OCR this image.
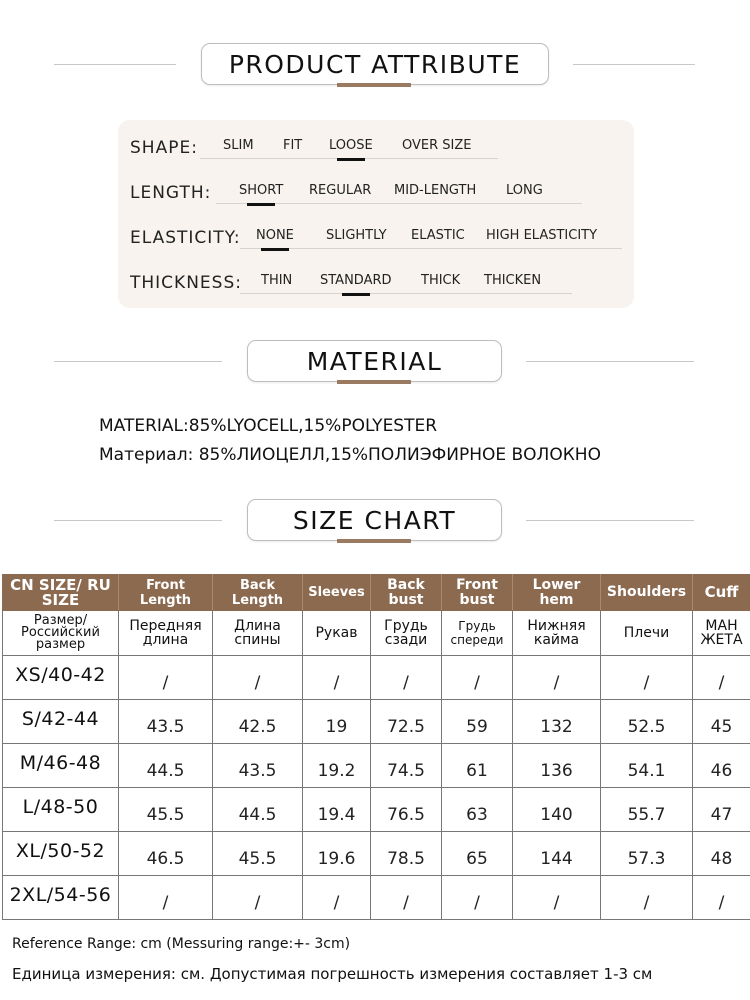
PRODUCT ATTRIBUTE
SHAPE: SLIM FIT LOOSE OVER SIZE
LENGTH: SHORT REGULAR MID-LENGTH LONG
ELASTICITY: NONE SLIGHTLY ELASTIC HIGH ELASTICITY
THICKNESS: THIN STANDARD THICK THICKEN
MATERIAL
MATERIAL:85%LYOCELL,15%POLYESTER
Материал: 85%ЛИОЦЕЛЛ,15%ПОЛИЭФИРНОЕ ВОЛОКНО
SIZE CHART
CN SIZE/ RU SIZE	Front Length	Back Length	Sleeves	Back bust	Front bust	Lower hem	Shoulders	Cuff
Размер/ Российский размер	Передняя длина	Длина спины	Рукав	Грудь сзади	Грудь спереди	Нижняя кайма	Плечи	МАН ЖЕТА
XS/40-42	/	/	/	/	/	/	/	/
S/42-44	43.5	42.5	19	72.5	59	132	52.5	45
M/46-48	44.5	43.5	19.2	74.5	61	136	54.1	46
L/48-50	45.5	44.5	19.4	76.5	63	140	55.7	47
XL/50-52	46.5	45.5	19.6	78.5	65	144	57.3	48
2XL/54-56	/	/	/	/	/	/	/	/
Reference Range: cm (Messuring range:+- 3cm)
Единица измерения: см. Допустимая погрешность измерения составляет 1-3 см
